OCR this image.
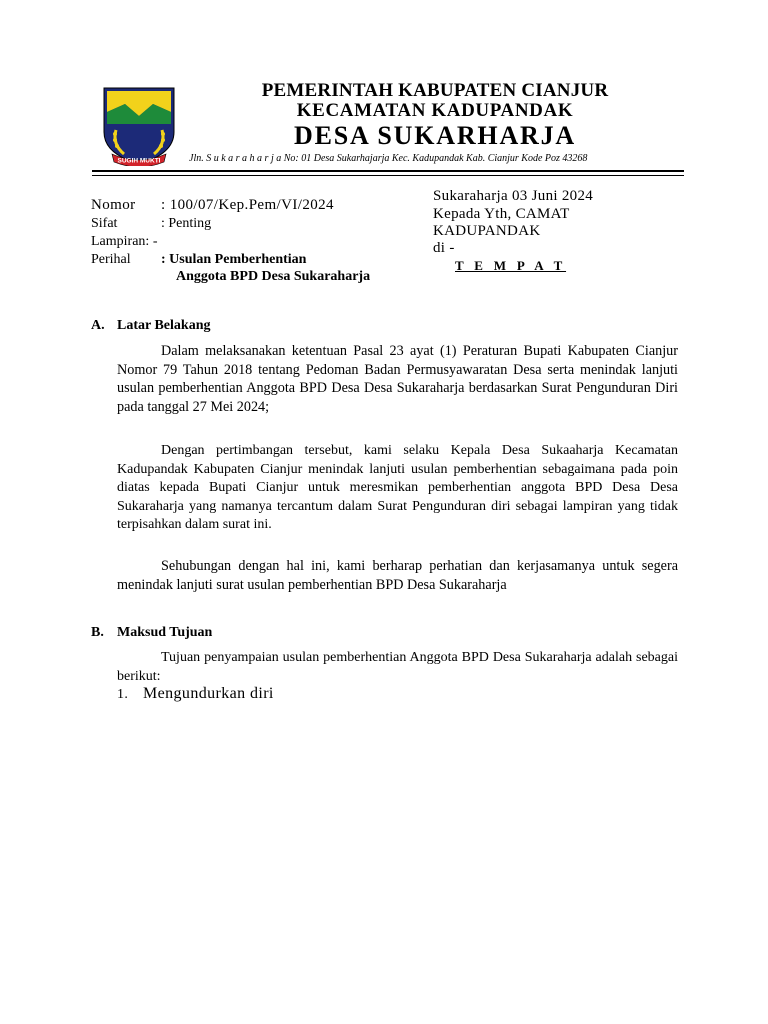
SUGIH MUKTI
PEMERINTAH KABUPATEN CIANJUR
KECAMATAN KADUPANDAK
DESA SUKARHARJA
Jln. S u k a r a h a r j a No: 01 Desa Sukarhajarja Kec. Kadupandak Kab. Cianjur Kode Poz 43268
Nomor : 100/07/Kep.Pem/VI/2024
Sifat	: Penting
Lampiran: -
Perihal : Usulan Pemberhentian
Anggota BPD Desa Sukaraharja
Sukaraharja 03 Juni 2024
Kepada Yth, CAMAT
KADUPANDAK
di -
T E M P A T
A. Latar Belakang
Dalam melaksanakan ketentuan Pasal 23 ayat (1) Peraturan Bupati Kabupaten Cianjur Nomor 79 Tahun 2018 tentang Pedoman Badan Permusyawaratan Desa serta menindak lanjuti usulan pemberhentian Anggota BPD Desa Desa Sukaraharja berdasarkan Surat Pengunduran Diri pada tanggal 27 Mei 2024;
Dengan pertimbangan tersebut, kami selaku Kepala Desa Sukaaharja Kecamatan Kadupandak Kabupaten Cianjur menindak lanjuti usulan pemberhentian sebagaimana pada poin diatas kepada Bupati Cianjur untuk meresmikan pemberhentian anggota BPD Desa Desa Sukaraharja yang namanya tercantum dalam Surat Pengunduran diri sebagai lampiran yang tidak terpisahkan dalam surat ini.
Sehubungan dengan hal ini, kami berharap perhatian dan kerjasamanya untuk segera menindak lanjuti surat usulan pemberhentian BPD Desa Sukaraharja
B. Maksud Tujuan
Tujuan penyampaian usulan pemberhentian Anggota BPD Desa Sukaraharja adalah sebagai berikut:
1. Mengundurkan diri
